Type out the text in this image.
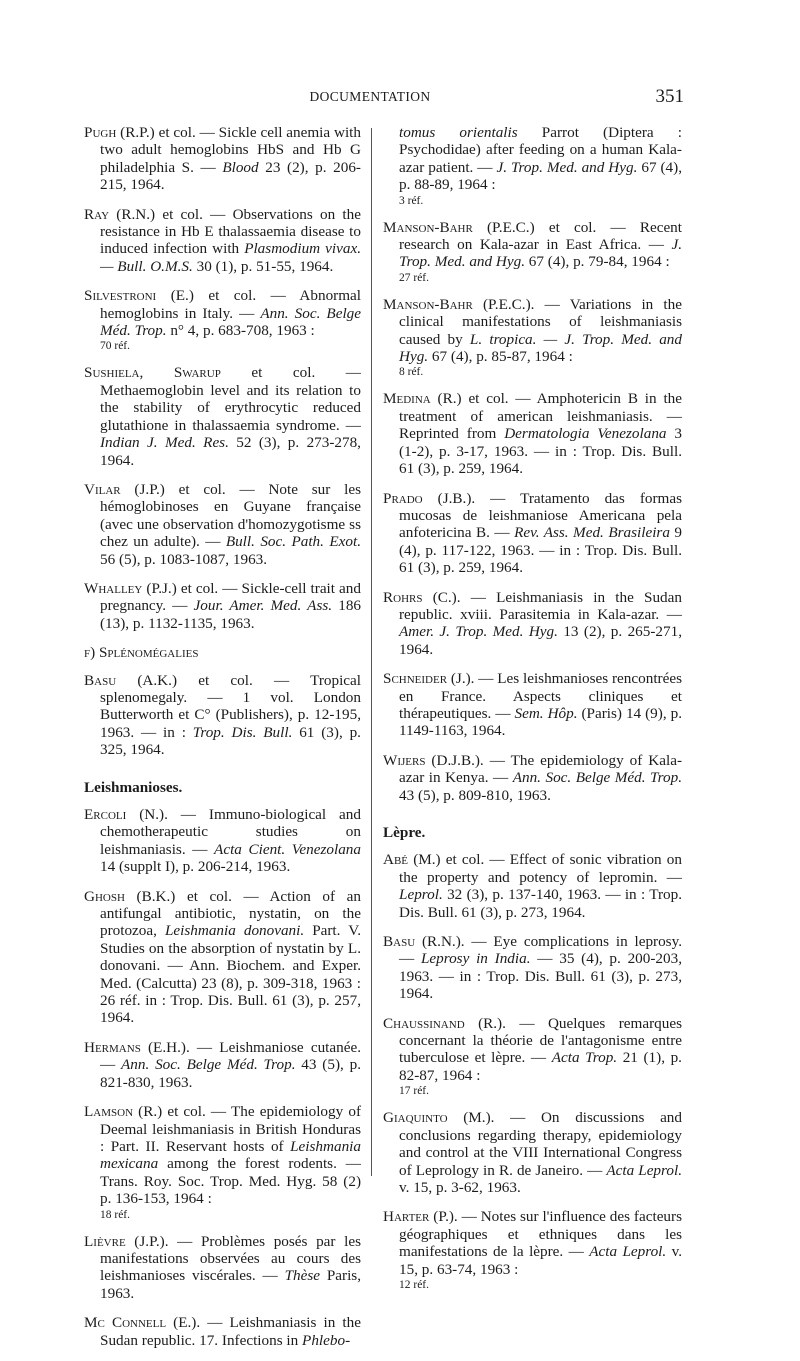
DOCUMENTATION	351
Pugh (R.P.) et col. — Sickle cell anemia with two adult hemoglobins HbS and Hb G philadelphia S. — Blood 23 (2), p. 206-215, 1964.
Ray (R.N.) et col. — Observations on the resistance in Hb E thalassaemia disease to induced infection with Plasmodium vivax. — Bull. O.M.S. 30 (1), p. 51-55, 1964.
Silvestroni (E.) et col. — Abnormal hemoglobins in Italy. — Ann. Soc. Belge Méd. Trop. n° 4, p. 683-708, 1963 :
70 réf.
Sushiela, Swarup et col. — Methaemoglobin level and its relation to the stability of erythrocytic reduced glutathione in thalassaemia syndrome. — Indian J. Med. Res. 52 (3), p. 273-278, 1964.
Vilar (J.P.) et col. — Note sur les hémoglobinoses en Guyane française (avec une observation d'homozygotisme ss chez un adulte). — Bull. Soc. Path. Exot. 56 (5), p. 1083-1087, 1963.
Whalley (P.J.) et col. — Sickle-cell trait and pregnancy. — Jour. Amer. Med. Ass. 186 (13), p. 1132-1135, 1963.
f) Splénomégalies
Basu (A.K.) et col. — Tropical splenomegaly. — 1 vol. London Butterworth et C° (Publishers), p. 12-195, 1963. — in : Trop. Dis. Bull. 61 (3), p. 325, 1964.
Leishmanioses.
Ercoli (N.). — Immuno-biological and chemotherapeutic studies on leishmaniasis. — Acta Cient. Venezolana 14 (supplt I), p. 206-214, 1963.
Ghosh (B.K.) et col. — Action of an antifungal antibiotic, nystatin, on the protozoa, Leishmania donovani. Part. V. Studies on the absorption of nystatin by L. donovani. — Ann. Biochem. and Exper. Med. (Calcutta) 23 (8), p. 309-318, 1963 : 26 réf. in : Trop. Dis. Bull. 61 (3), p. 257, 1964.
Hermans (E.H.). — Leishmaniose cutanée. — Ann. Soc. Belge Méd. Trop. 43 (5), p. 821-830, 1963.
Lamson (R.) et col. — The epidemiology of Deemal leishmaniasis in British Honduras : Part. II. Reservant hosts of Leishmania mexicana among the forest rodents. — Trans. Roy. Soc. Trop. Med. Hyg. 58 (2) p. 136-153, 1964 :
18 réf.
Lièvre (J.P.). — Problèmes posés par les manifestations observées au cours des leishmanioses viscérales. — Thèse Paris, 1963.
Mc Connell (E.). — Leishmaniasis in the Sudan republic. 17. Infections in Phlebo-
tomus orientalis Parrot (Diptera : Psychodidae) after feeding on a human Kala-azar patient. — J. Trop. Med. and Hyg. 67 (4), p. 88-89, 1964 :
3 réf.
Manson-Bahr (P.E.C.) et col. — Recent research on Kala-azar in East Africa. — J. Trop. Med. and Hyg. 67 (4), p. 79-84, 1964 :
27 réf.
Manson-Bahr (P.E.C.). — Variations in the clinical manifestations of leishmaniasis caused by L. tropica. — J. Trop. Med. and Hyg. 67 (4), p. 85-87, 1964 :
8 réf.
Medina (R.) et col. — Amphotericin B in the treatment of american leishmaniasis. — Reprinted from Dermatologia Venezolana 3 (1-2), p. 3-17, 1963. — in : Trop. Dis. Bull. 61 (3), p. 259, 1964.
Prado (J.B.). — Tratamento das formas mucosas de leishmaniose Americana pela anfotericina B. — Rev. Ass. Med. Brasileira 9 (4), p. 117-122, 1963. — in : Trop. Dis. Bull. 61 (3), p. 259, 1964.
Rohrs (C.). — Leishmaniasis in the Sudan republic. xviii. Parasitemia in Kala-azar. — Amer. J. Trop. Med. Hyg. 13 (2), p. 265-271, 1964.
Schneider (J.). — Les leishmanioses rencontrées en France. Aspects cliniques et thérapeutiques. — Sem. Hôp. (Paris) 14 (9), p. 1149-1163, 1964.
Wijers (D.J.B.). — The epidemiology of Kala-azar in Kenya. — Ann. Soc. Belge Méd. Trop. 43 (5), p. 809-810, 1963.
Lèpre.
Abé (M.) et col. — Effect of sonic vibration on the property and potency of lepromin. — Leprol. 32 (3), p. 137-140, 1963. — in : Trop. Dis. Bull. 61 (3), p. 273, 1964.
Basu (R.N.). — Eye complications in leprosy. — Leprosy in India. — 35 (4), p. 200-203, 1963. — in : Trop. Dis. Bull. 61 (3), p. 273, 1964.
Chaussinand (R.). — Quelques remarques concernant la théorie de l'antagonisme entre tuberculose et lèpre. — Acta Trop. 21 (1), p. 82-87, 1964 :
17 réf.
Giaquinto (M.). — On discussions and conclusions regarding therapy, epidemiology and control at the VIII International Congress of Leprology in R. de Janeiro. — Acta Leprol. v. 15, p. 3-62, 1963.
Harter (P.). — Notes sur l'influence des facteurs géographiques et ethniques dans les manifestations de la lèpre. — Acta Leprol. v. 15, p. 63-74, 1963 :
12 réf.
